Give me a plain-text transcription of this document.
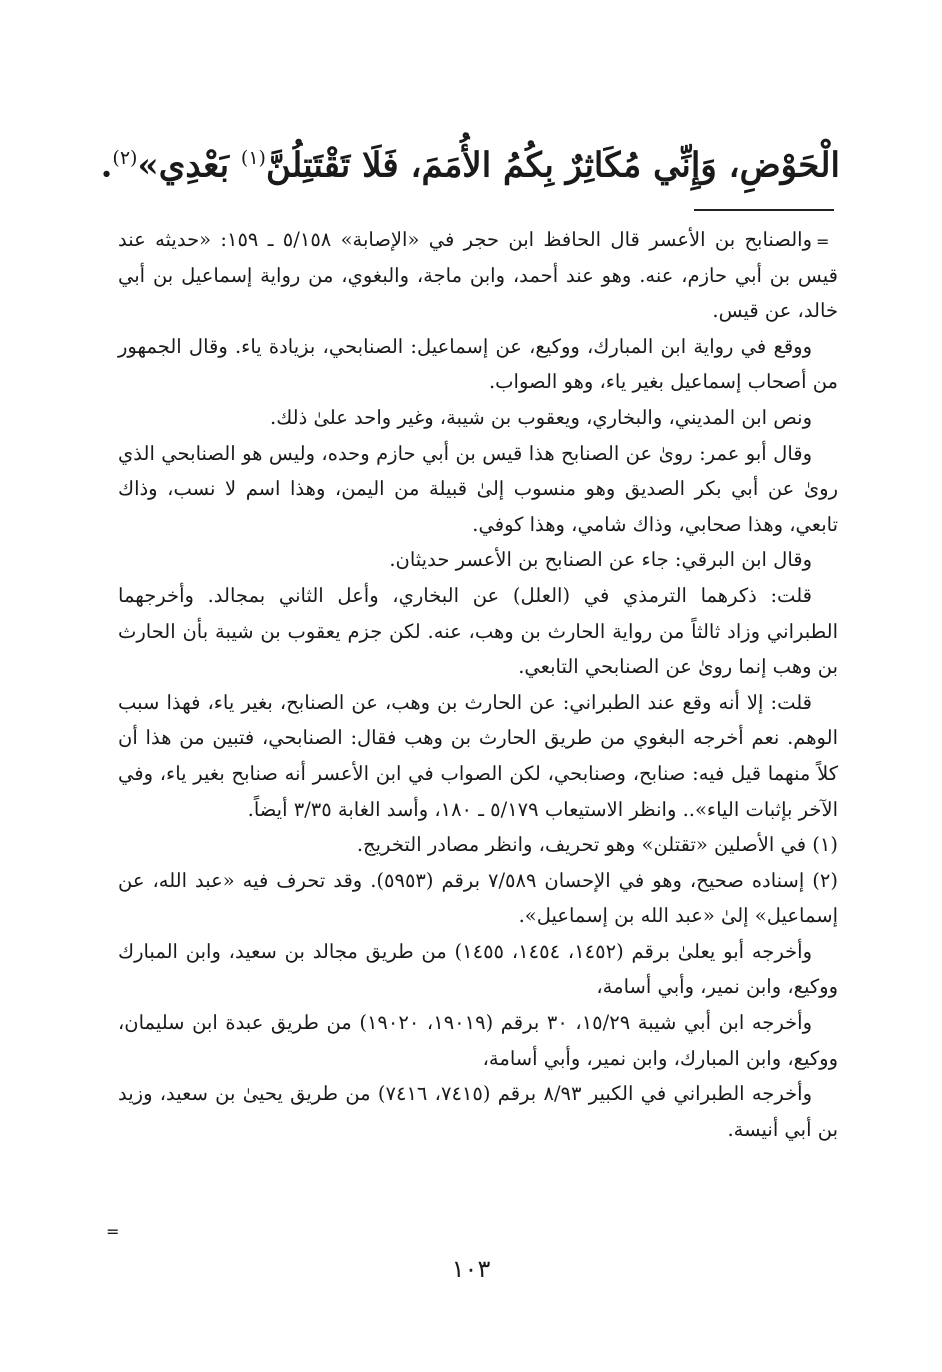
الْحَوْضِ، وَإِنِّي مُكَاثِرٌ بِكُمُ الأُمَمَ، فَلَا تَقْتَتِلُنَّ$^{(١)}$ بَعْدِي»$^{(٢)}$.
=
=

والصنابح بن الأعسر قال الحافظ ابن حجر في «الإصابة» ٥/١٥٨ ـ ١٥٩: «حديثه عند قيس بن أبي حازم، عنه. وهو عند أحمد، وابن ماجة، والبغوي، من رواية إسماعيل بن أبي خالد، عن قيس.

ووقع في رواية ابن المبارك، ووكيع، عن إسماعيل: الصنابحي، بزيادة ياء. وقال الجمهور من أصحاب إسماعيل بغير ياء، وهو الصواب.

ونص ابن المديني، والبخاري، ويعقوب بن شيبة، وغير واحد علىٰ ذلك.

وقال أبو عمر: روىٰ عن الصنابح هذا قيس بن أبي حازم وحده، وليس هو الصنابحي الذي روىٰ عن أبي بكر الصديق وهو منسوب إلىٰ قبيلة من اليمن، وهذا اسم لا نسب، وذاك تابعي، وهذا صحابي، وذاك شامي، وهذا كوفي.

وقال ابن البرقي: جاء عن الصنابح بن الأعسر حديثان.

قلت: ذكرهما الترمذي في (العلل) عن البخاري، وأعل الثاني بمجالد. وأخرجهما الطبراني وزاد ثالثاً من رواية الحارث بن وهب، عنه. لكن جزم يعقوب بن شيبة بأن الحارث بن وهب إنما روىٰ عن الصنابحي التابعي.

قلت: إلا أنه وقع عند الطبراني: عن الحارث بن وهب، عن الصنابح، بغير ياء، فهذا سبب الوهم. نعم أخرجه البغوي من طريق الحارث بن وهب فقال: الصنابحي، فتبين من هذا أن كلاً منهما قيل فيه: صنابح، وصنابحي، لكن الصواب في ابن الأعسر أنه صنابح بغير ياء، وفي الآخر بإثبات الياء».. وانظر الاستيعاب ٥/١٧٩ ـ ١٨٠، وأسد الغابة ٣/٣٥ أيضاً.

(١) في الأصلين «تقتلن» وهو تحريف، وانظر مصادر التخريج.

(٢) إسناده صحيح، وهو في الإحسان ٧/٥٨٩ برقم (٥٩٥٣). وقد تحرف فيه «عبد الله، عن إسماعيل» إلىٰ «عبد الله بن إسماعيل».

وأخرجه أبو يعلىٰ برقم (١٤٥٢، ١٤٥٤، ١٤٥٥) من طريق مجالد بن سعيد، وابن المبارك ووكيع، وابن نمير، وأبي أسامة،

وأخرجه ابن أبي شيبة ١٥/٢٩، ٣٠ برقم (١٩٠١٩، ١٩٠٢٠) من طريق عبدة ابن سليمان، ووكيع، وابن المبارك، وابن نمير، وأبي أسامة،

وأخرجه الطبراني في الكبير ٨/٩٣ برقم (٧٤١٥، ٧٤١٦) من طريق يحيىٰ بن سعيد، وزيد بن أبي أنيسة.

١٠٣
